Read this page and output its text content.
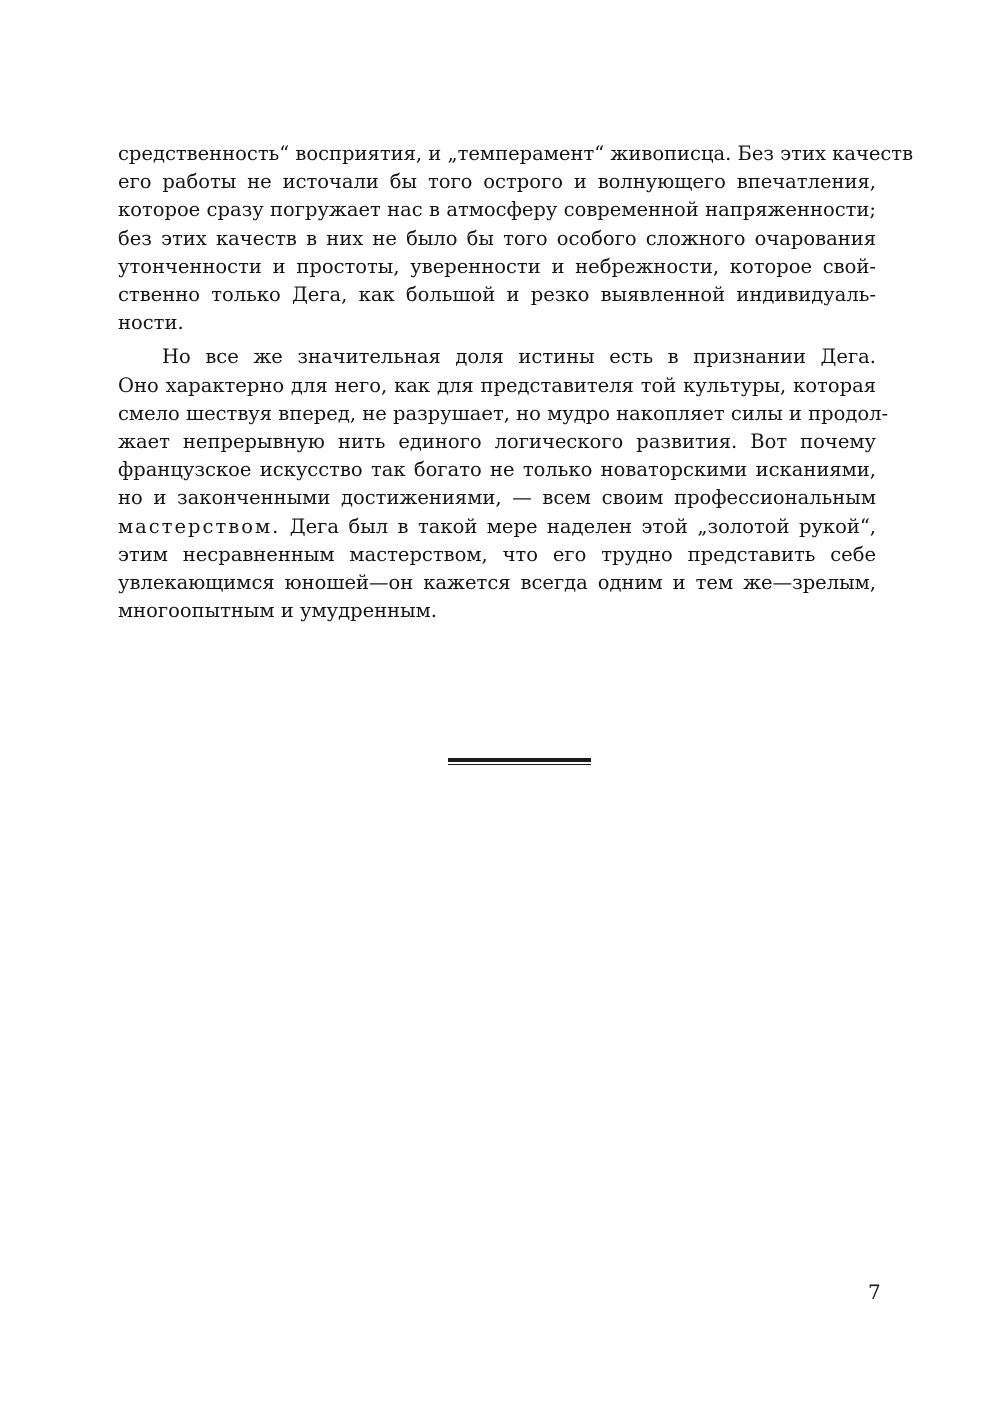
средственность“ восприятия, и „темперамент“ живописца. Без этих качеств
его работы не источали бы того острого и волнующего впечатления,
которое сразу погружает нас в атмосферу современной напряженности;
без этих качеств в них не было бы того особого сложного очарования
утонченности и простоты, уверенности и небрежности, которое свой-
ственно только Дега, как большой и резко выявленной индивидуаль-
ности.
Но все же значительная доля истины есть в признании Дега.
Оно характерно для него, как для представителя той культуры, которая
смело шествуя вперед, не разрушает, но мудро накопляет силы и продол-
жает непрерывную нить единого логического развития. Вот почему
французское искусство так богато не только новаторскими исканиями,
но и законченными достижениями, — всем своим профессиональным
мастерством. Дега был в такой мере наделен этой „золотой рукой“,
этим несравненным мастерством, что его трудно представить себе
увлекающимся юношей—он кажется всегда одним и тем же—зрелым,
многоопытным и умудренным.
7
